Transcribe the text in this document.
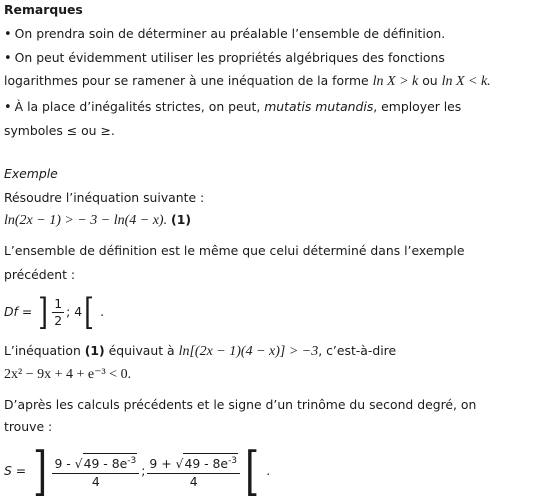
Remarques
• On prendra soin de déterminer au préalable l’ensemble de définition.
• On peut évidemment utiliser les propriétés algébriques des fonctions
logarithmes pour se ramener à une inéquation de la forme ln X > k ou ln X < k.
• À la place d’inégalités strictes, on peut, mutatis mutandis, employer les
symboles ≤ ou ≥.
Exemple
Résoudre l’inéquation suivante :
ln(2x − 1) > − 3 − ln(4 − x). (1)
L’ensemble de définition est le même que celui déterminé dans l’exemple
précédent :
Df = ] $\frac{1}{2}$ ; 4[ .
L’inéquation (1) équivaut à ln[(2x − 1)(4 − x)] > −3, c’est-à-dire
2x² − 9x + 4 + e⁻³ < 0.
D’après les calculs précédents et le signe d’un trinôme du second degré, on
trouve :
S = ] $\frac{9 - √49 - 8e^{-3}}{4}$ ; $\frac{9 + √49 - 8e^{-3}}{4}$ [ .
